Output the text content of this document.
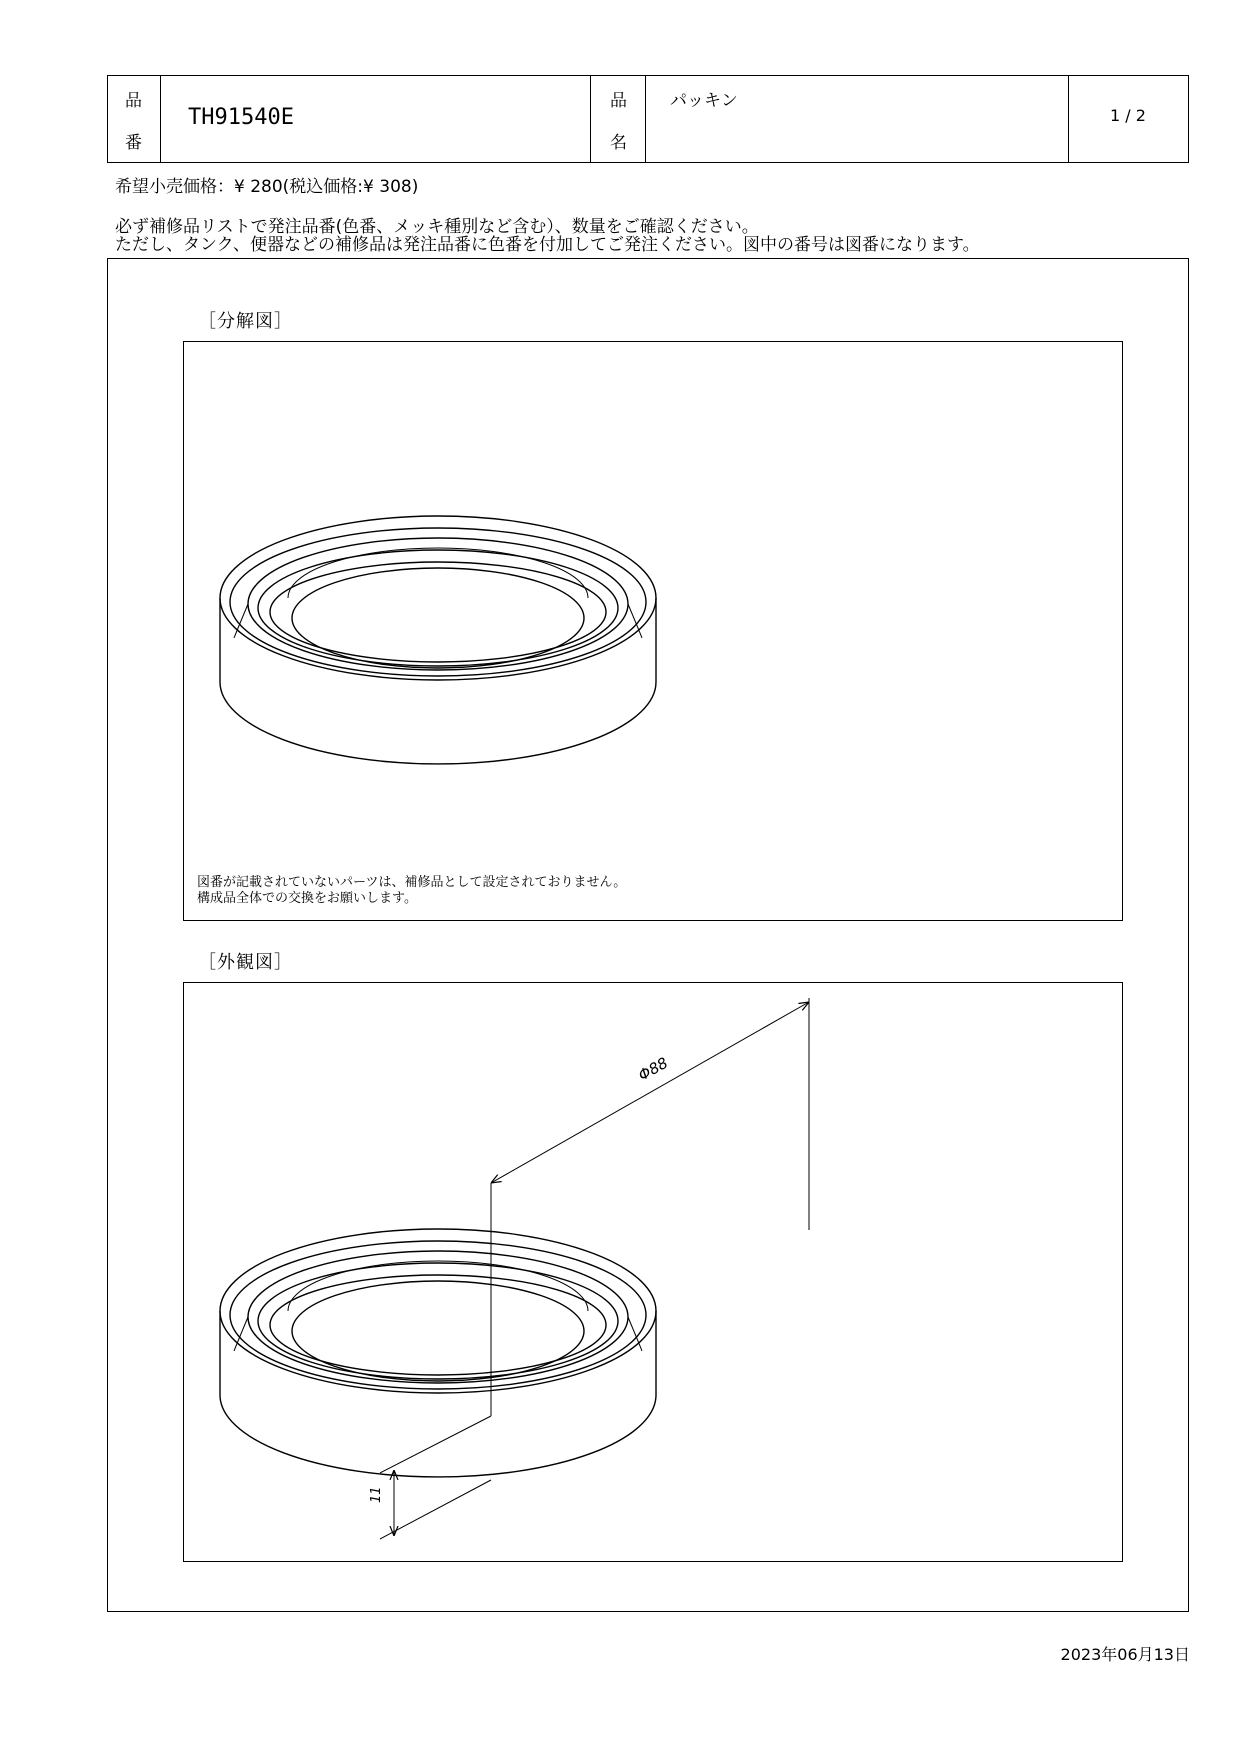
品
番
TH91540E
品
名
パッキン
1 / 2
希望小売価格：¥ 280(税込価格:¥ 308)
必ず補修品リストで発注品番(色番、メッキ種別など含む）、数量をご確認ください。
ただし、タンク、便器などの補修品は発注品番に色番を付加してご発注ください。図中の番号は図番になります。
［分解図］
図番が記載されていないパーツは、補修品として設定されておりません。
構成品全体での交換をお願いします。
［外観図］
Φ88
11
2023年06月13日
